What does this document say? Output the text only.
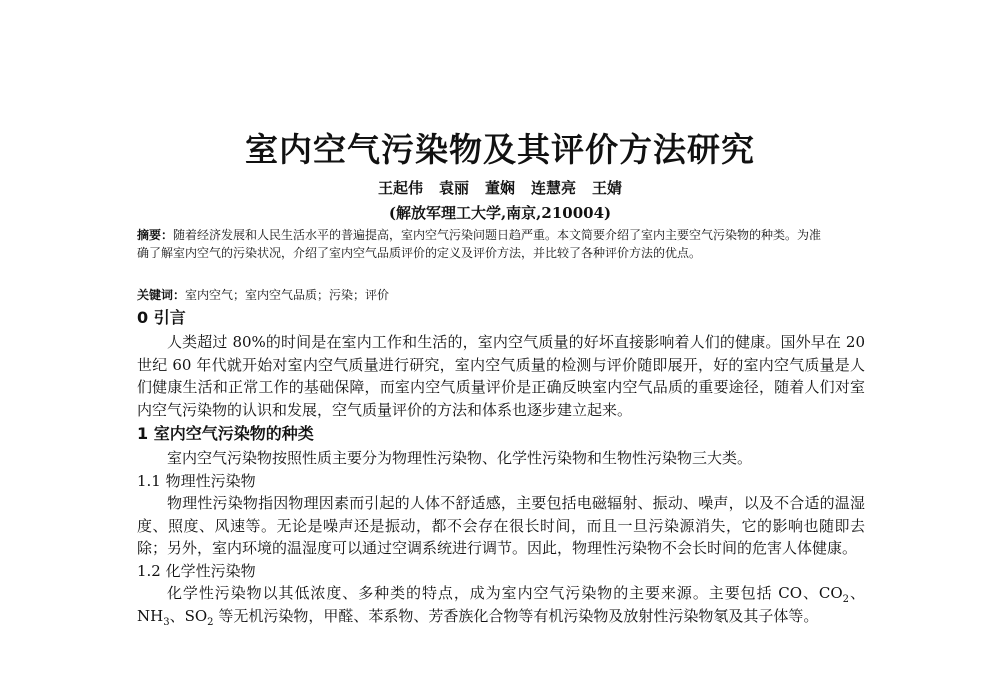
室内空气污染物及其评价方法研究
王起伟 袁丽 董娴 连慧亮 王婧
(解放军理工大学,南京,210004)
摘要：随着经济发展和人民生活水平的普遍提高，室内空气污染问题日趋严重。本文简要介绍了室内主要空气污染物的种类。为准确了解室内空气的污染状况，介绍了室内空气品质评价的定义及评价方法，并比较了各种评价方法的优点。
关键词：室内空气；室内空气品质；污染；评价
0 引言
人类超过 80%的时间是在室内工作和生活的，室内空气质量的好坏直接影响着人们的健康。国外早在 20 世纪 60 年代就开始对室内空气质量进行研究，室内空气质量的检测与评价随即展开，好的室内空气质量是人们健康生活和正常工作的基础保障，而室内空气质量评价是正确反映室内空气品质的重要途径，随着人们对室内空气污染物的认识和发展，空气质量评价的方法和体系也逐步建立起来。
1 室内空气污染物的种类
室内空气污染物按照性质主要分为物理性污染物、化学性污染物和生物性污染物三大类。
1.1 物理性污染物
物理性污染物指因物理因素而引起的人体不舒适感，主要包括电磁辐射、振动、噪声，以及不合适的温湿度、照度、风速等。无论是噪声还是振动，都不会存在很长时间，而且一旦污染源消失，它的影响也随即去除；另外，室内环境的温湿度可以通过空调系统进行调节。因此，物理性污染物不会长时间的危害人体健康。
1.2 化学性污染物
化学性污染物以其低浓度、多种类的特点，成为室内空气污染物的主要来源。主要包括 CO、$CO_2$、$NH_3$、$SO_2$ 等无机污染物，甲醛、苯系物、芳香族化合物等有机污染物及放射性污染物氡及其子体等。
